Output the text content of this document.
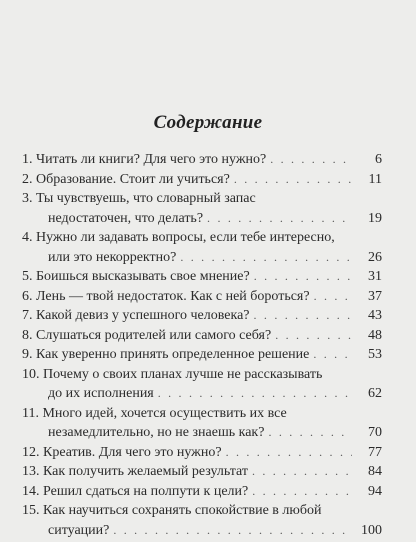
Содержание
1. Читать ли книги? Для чего это нужно? . . .	6
2. Образование. Стоит ли учиться? . . .	11
3. Ты чувствуешь, что словарный запас
недостаточен, что делать? . . .	19
4. Нужно ли задавать вопросы, если тебе интересно,
или это некорректно? . . .	26
5. Боишься высказывать свое мнение? . . .	31
6. Лень — твой недостаток. Как с ней бороться? . . .	37
7. Какой девиз у успешного человека? . . .	43
8. Слушаться родителей или самого себя? . . .	48
9. Как уверенно принять определенное решение . . .	53
10. Почему о своих планах лучше не рассказывать
до их исполнения . . .	62
11. Много идей, хочется осуществить их все
незамедлительно, но не знаешь как? . . .	70
12. Креатив. Для чего это нужно? . . .	77
13. Как получить желаемый результат . . .	84
14. Решил сдаться на полпути к цели? . . .	94
15. Как научиться сохранять спокойствие в любой
ситуации? . . .	100
